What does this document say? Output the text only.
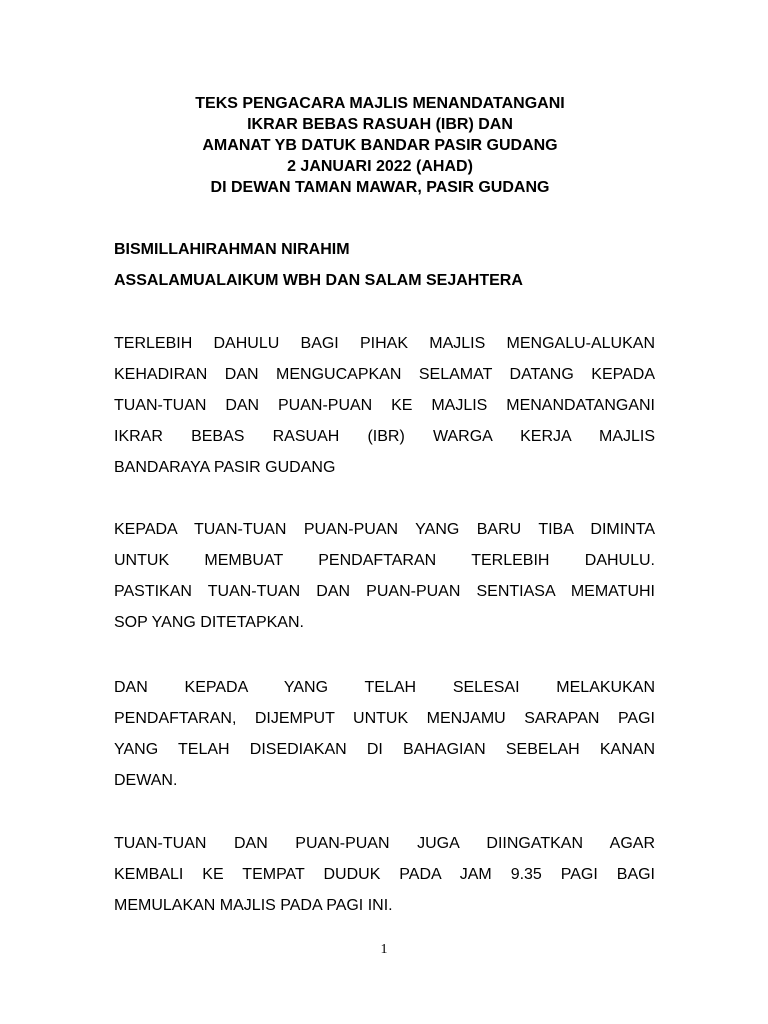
TEKS PENGACARA MAJLIS MENANDATANGANI
IKRAR BEBAS RASUAH (IBR) DAN
AMANAT YB DATUK BANDAR PASIR GUDANG
2 JANUARI 2022 (AHAD)
DI DEWAN TAMAN MAWAR, PASIR GUDANG
BISMILLAHIRAHMAN NIRAHIM
ASSALAMUALAIKUM WBH DAN SALAM SEJAHTERA
TERLEBIH DAHULU BAGI PIHAK MAJLIS MENGALU-ALUKAN
KEHADIRAN DAN MENGUCAPKAN SELAMAT DATANG KEPADA
TUAN-TUAN DAN PUAN-PUAN KE MAJLIS MENANDATANGANI
IKRAR BEBAS RASUAH (IBR) WARGA KERJA MAJLIS
BANDARAYA PASIR GUDANG
KEPADA TUAN-TUAN PUAN-PUAN YANG BARU TIBA DIMINTA
UNTUK MEMBUAT PENDAFTARAN TERLEBIH DAHULU.
PASTIKAN TUAN-TUAN DAN PUAN-PUAN SENTIASA MEMATUHI
SOP YANG DITETAPKAN.
DAN KEPADA YANG TELAH SELESAI MELAKUKAN
PENDAFTARAN, DIJEMPUT UNTUK MENJAMU SARAPAN PAGI
YANG TELAH DISEDIAKAN DI BAHAGIAN SEBELAH KANAN
DEWAN.
TUAN-TUAN DAN PUAN-PUAN JUGA DIINGATKAN AGAR
KEMBALI KE TEMPAT DUDUK PADA JAM 9.35 PAGI BAGI
MEMULAKAN MAJLIS PADA PAGI INI.
1
